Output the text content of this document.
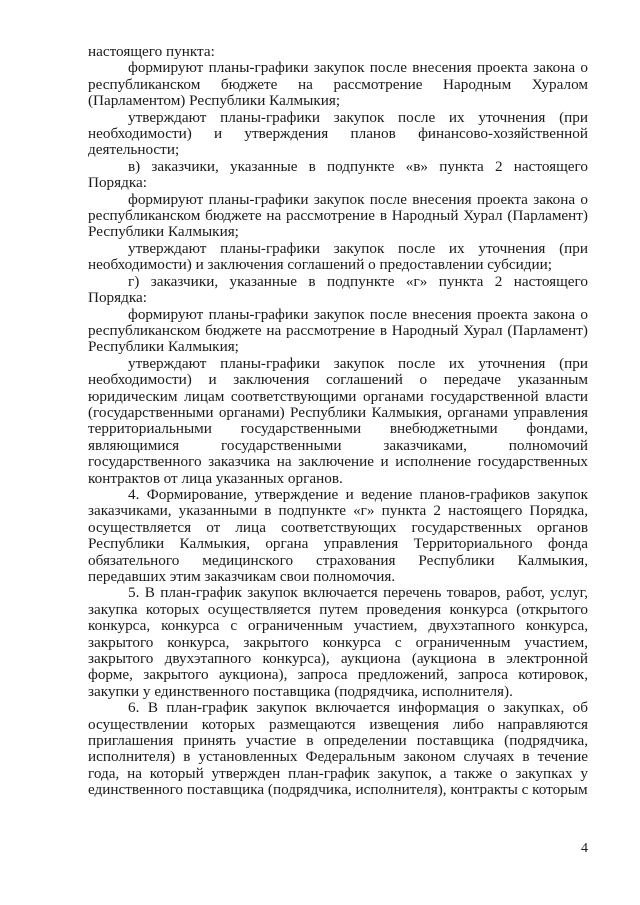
настоящего пункта:

формируют планы-графики закупок после внесения проекта закона о республиканском бюджете на рассмотрение Народным Хуралом (Парламентом) Республики Калмыкия;

утверждают планы-графики закупок после их уточнения (при необходимости) и утверждения планов финансово-хозяйственной деятельности;

в) заказчики, указанные в подпункте «в» пункта 2 настоящего Порядка:

формируют планы-графики закупок после внесения проекта закона о республиканском бюджете на рассмотрение в Народный Хурал (Парламент) Республики Калмыкия;

утверждают планы-графики закупок после их уточнения (при необходимости) и заключения соглашений о предоставлении субсидии;

г) заказчики, указанные в подпункте «г» пункта 2 настоящего Порядка:

формируют планы-графики закупок после внесения проекта закона о республиканском бюджете на рассмотрение в Народный Хурал (Парламент) Республики Калмыкия;

утверждают планы-графики закупок после их уточнения (при необходимости) и заключения соглашений о передаче указанным юридическим лицам соответствующими органами государственной власти (государственными органами) Республики Калмыкия, органами управления территориальными государственными внебюджетными фондами, являющимися государственными заказчиками, полномочий государственного заказчика на заключение и исполнение государственных контрактов от лица указанных органов.

4. Формирование, утверждение и ведение планов-графиков закупок заказчиками, указанными в подпункте «г» пункта 2 настоящего Порядка, осуществляется от лица соответствующих государственных органов Республики Калмыкия, органа управления Территориального фонда обязательного медицинского страхования Республики Калмыкия, передавших этим заказчикам свои полномочия.

5. В план-график закупок включается перечень товаров, работ, услуг, закупка которых осуществляется путем проведения конкурса (открытого конкурса, конкурса с ограниченным участием, двухэтапного конкурса, закрытого конкурса, закрытого конкурса с ограниченным участием, закрытого двухэтапного конкурса), аукциона (аукциона в электронной форме, закрытого аукциона), запроса предложений, запроса котировок, закупки у единственного поставщика (подрядчика, исполнителя).

6. В план-график закупок включается информация о закупках, об осуществлении которых размещаются извещения либо направляются приглашения принять участие в определении поставщика (подрядчика, исполнителя) в установленных Федеральным законом случаях в течение года, на который утвержден план-график закупок, а также о закупках у единственного поставщика (подрядчика, исполнителя), контракты с которым

4
